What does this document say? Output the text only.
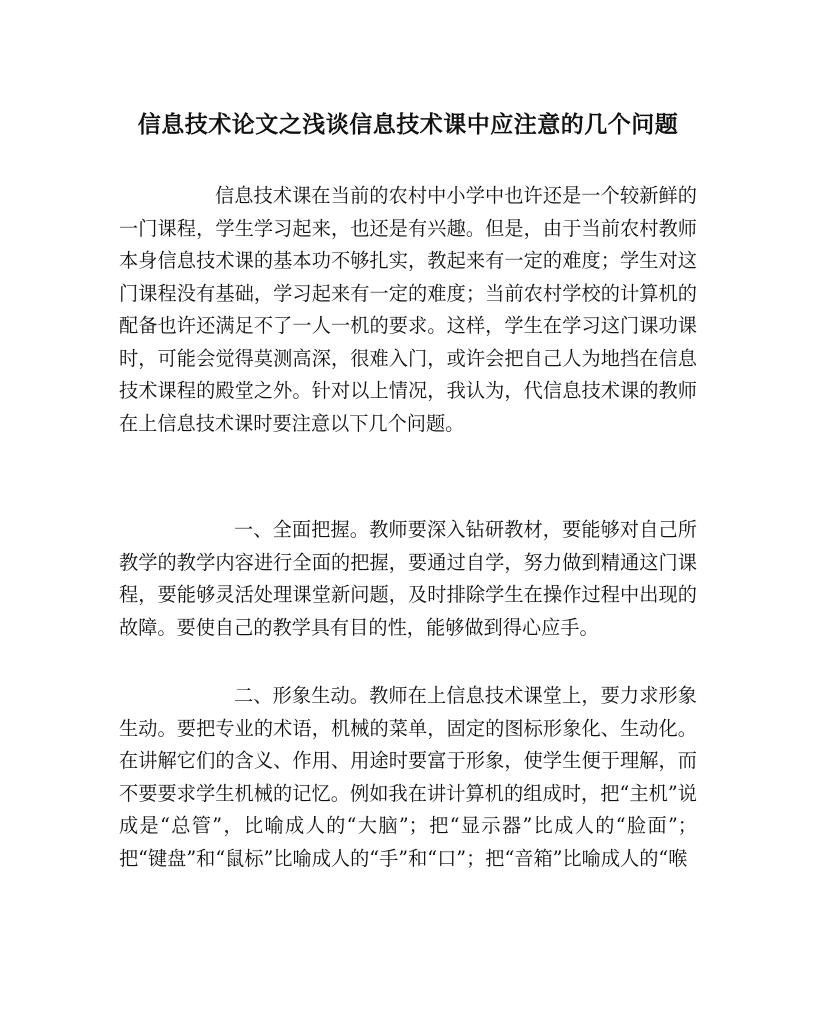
信息技术论文之浅谈信息技术课中应注意的几个问题

信息技术课在当前的农村中小学中也许还是一个较新鲜的一门课程，学生学习起来，也还是有兴趣。但是，由于当前农村教师本身信息技术课的基本功不够扎实，教起来有一定的难度；学生对这门课程没有基础，学习起来有一定的难度；当前农村学校的计算机的配备也许还满足不了一人一机的要求。这样，学生在学习这门课功课时，可能会觉得莫测高深，很难入门，或许会把自己人为地挡在信息技术课程的殿堂之外。针对以上情况，我认为，代信息技术课的教师在上信息技术课时要注意以下几个问题。

一、全面把握。教师要深入钻研教材，要能够对自己所教学的教学内容进行全面的把握，要通过自学，努力做到精通这门课程，要能够灵活处理课堂新问题，及时排除学生在操作过程中出现的故障。要使自己的教学具有目的性，能够做到得心应手。

二、形象生动。教师在上信息技术课堂上，要力求形象生动。要把专业的术语，机械的菜单，固定的图标形象化、生动化。在讲解它们的含义、作用、用途时要富于形象，使学生便于理解，而不要要求学生机械的记忆。例如我在讲计算机的组成时，把“主机”说成是“总管”，比喻成人的“大脑”；把“显示器”比成人的“脸面”；把“键盘”和“鼠标”比喻成人的“手”和“口”；把“音箱”比喻成人的“喉
